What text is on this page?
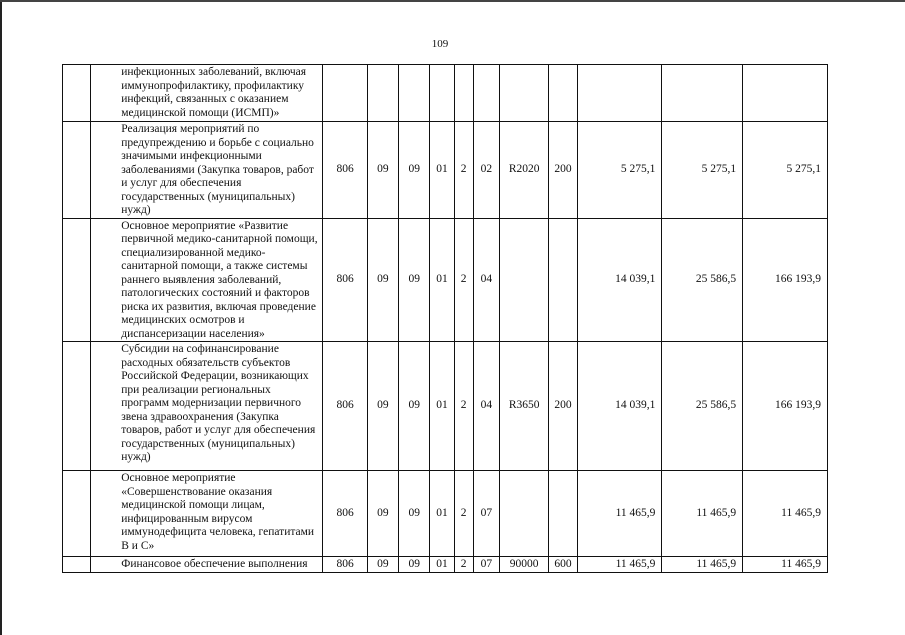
109
	инфекционных заболеваний, включая иммунопрофилактику, профилактику инфекций, связанных с оказанием медицинской помощи (ИСМП)»											
	Реализация мероприятий по предупреждению и борьбе с социально значимыми инфекционными заболеваниями (Закупка товаров, работ и услуг для обеспечения государственных (муниципальных) нужд)	806	09	09	01	2	02	R2020	200	5 275,1	5 275,1	5 275,1
	Основное мероприятие «Развитие первичной медико-санитарной помощи, специализированной медико-санитарной помощи, а также системы раннего выявления заболеваний, патологических состояний и факторов риска их развития, включая проведение медицинских осмотров и диспансеризации населения»	806	09	09	01	2	04			14 039,1	25 586,5	166 193,9
	Субсидии на софинансирование расходных обязательств субъектов Российской Федерации, возникающих при реализации региональных программ модернизации первичного звена здравоохранения (Закупка товаров, работ и услуг для обеспечения государственных (муниципальных) нужд)	806	09	09	01	2	04	R3650	200	14 039,1	25 586,5	166 193,9
	Основное мероприятие «Совершенствование оказания медицинской помощи лицам, инфицированным вирусом иммунодефицита человека, гепатитами В и С»	806	09	09	01	2	07			11 465,9	11 465,9	11 465,9
	Финансовое обеспечение выполнения	806	09	09	01	2	07	90000	600	11 465,9	11 465,9	11 465,9
